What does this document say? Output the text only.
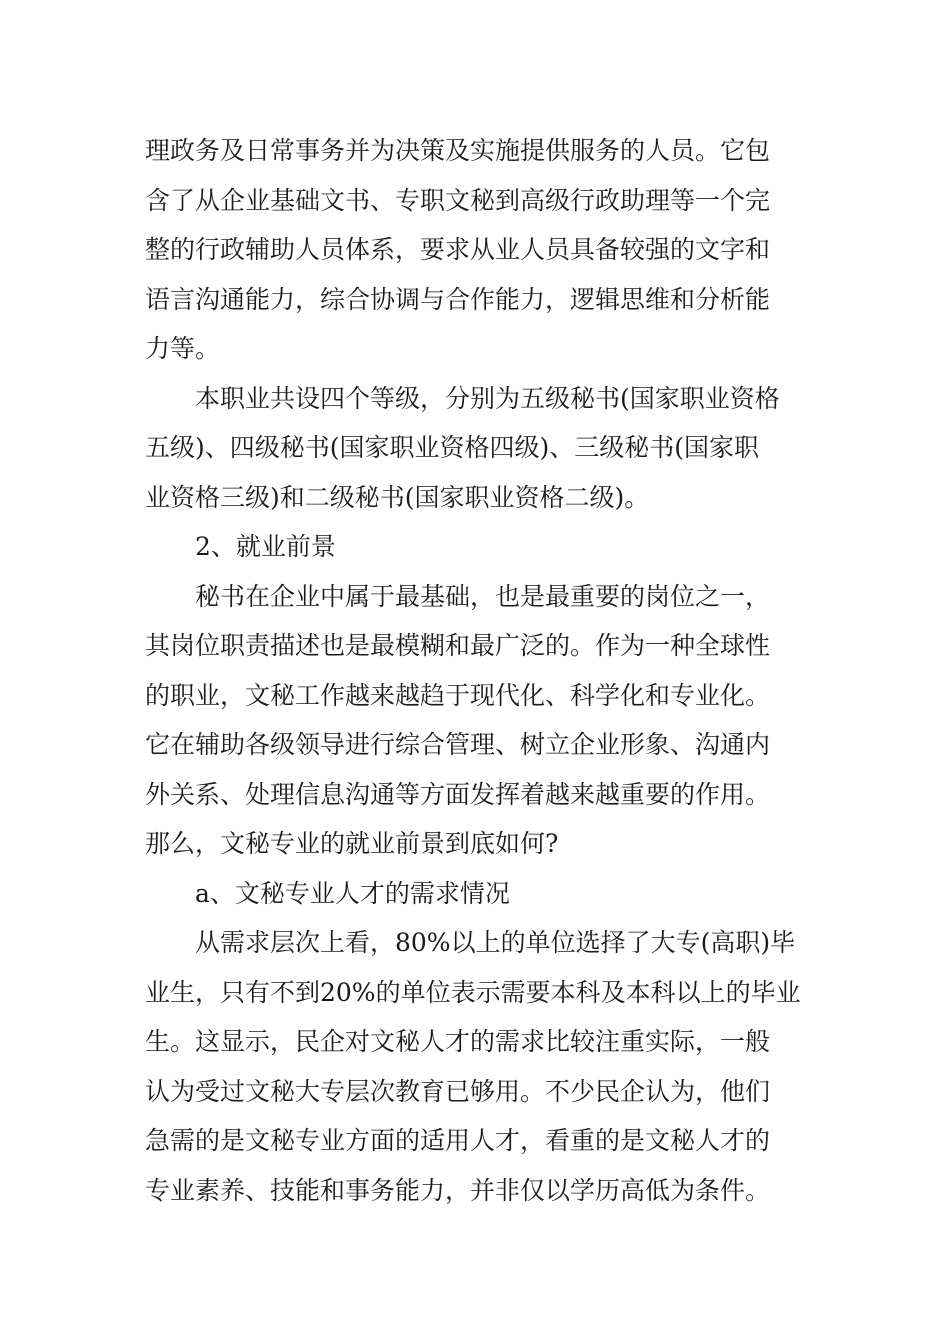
理政务及日常事务并为决策及实施提供服务的人员。它包
含了从企业基础文书、专职文秘到高级行政助理等一个完
整的行政辅助人员体系，要求从业人员具备较强的文字和
语言沟通能力，综合协调与合作能力，逻辑思维和分析能
力等。
本职业共设四个等级，分别为五级秘书(国家职业资格
五级)、四级秘书(国家职业资格四级)、三级秘书(国家职
业资格三级)和二级秘书(国家职业资格二级)。
2、就业前景
秘书在企业中属于最基础，也是最重要的岗位之一，
其岗位职责描述也是最模糊和最广泛的。作为一种全球性
的职业，文秘工作越来越趋于现代化、科学化和专业化。
它在辅助各级领导进行综合管理、树立企业形象、沟通内
外关系、处理信息沟通等方面发挥着越来越重要的作用。
那么，文秘专业的就业前景到底如何?
a、文秘专业人才的需求情况
从需求层次上看，80%以上的单位选择了大专(高职)毕
业生，只有不到20%的单位表示需要本科及本科以上的毕业
生。这显示，民企对文秘人才的需求比较注重实际，一般
认为受过文秘大专层次教育已够用。不少民企认为，他们
急需的是文秘专业方面的适用人才，看重的是文秘人才的
专业素养、技能和事务能力，并非仅以学历高低为条件。
